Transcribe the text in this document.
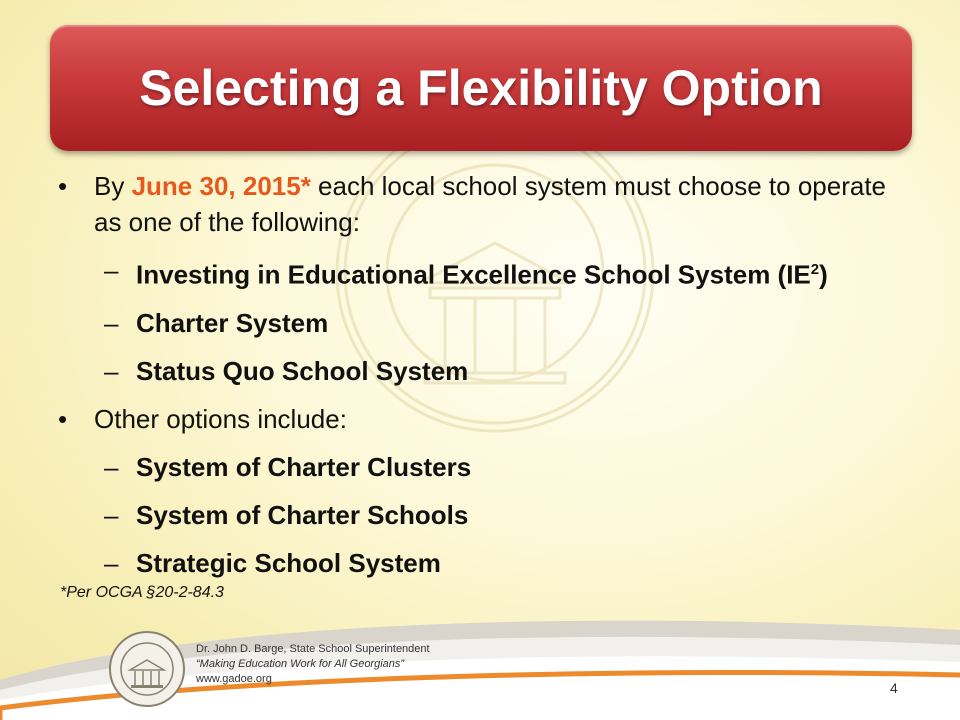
Selecting a Flexibility Option
•	By June 30, 2015* each local school system must choose to operate as one of the following:
– Investing in Educational Excellence School System $(IE^2)$
– Charter System
– Status Quo School System
•	Other options include:
– System of Charter Clusters
– System of Charter Schools
– Strategic School System
*Per OCGA §20-2-84.3
Dr. John D. Barge, State School Superintendent
“Making Education Work for All Georgians”
www.gadoe.org
4
